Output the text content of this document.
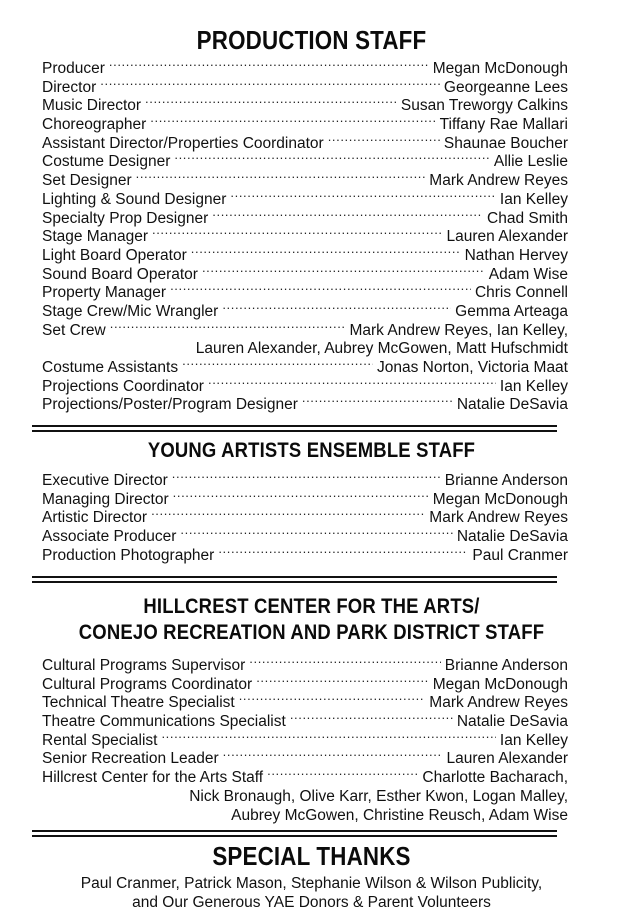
PRODUCTION STAFF
Producer .....	Megan McDonough
Director .....	Georgeanne Lees
Music Director .....	Susan Treworgy Calkins
Choreographer .....	Tiffany Rae Mallari
Assistant Director/Properties Coordinator .....	Shaunae Boucher
Costume Designer .....	Allie Leslie
Set Designer .....	Mark Andrew Reyes
Lighting & Sound Designer .....	Ian Kelley
Specialty Prop Designer .....	Chad Smith
Stage Manager .....	Lauren Alexander
Light Board Operator .....	Nathan Hervey
Sound Board Operator .....	Adam Wise
Property Manager .....	Chris Connell
Stage Crew/Mic Wrangler .....	Gemma Arteaga
Set Crew .....	Mark Andrew Reyes, Ian Kelley,
Lauren Alexander, Aubrey McGowen, Matt Hufschmidt
Costume Assistants .....	Jonas Norton, Victoria Maat
Projections Coordinator .....	Ian Kelley
Projections/Poster/Program Designer .....	Natalie DeSavia
YOUNG ARTISTS ENSEMBLE STAFF
Executive Director .....	Brianne Anderson
Managing Director .....	Megan McDonough
Artistic Director .....	Mark Andrew Reyes
Associate Producer .....	Natalie DeSavia
Production Photographer .....	Paul Cranmer
HILLCREST CENTER FOR THE ARTS/
CONEJO RECREATION AND PARK DISTRICT STAFF
Cultural Programs Supervisor .....	Brianne Anderson
Cultural Programs Coordinator .....	Megan McDonough
Technical Theatre Specialist .....	Mark Andrew Reyes
Theatre Communications Specialist .....	Natalie DeSavia
Rental Specialist .....	Ian Kelley
Senior Recreation Leader .....	Lauren Alexander
Hillcrest Center for the Arts Staff .....	Charlotte Bacharach,
Nick Bronaugh, Olive Karr, Esther Kwon, Logan Malley,
Aubrey McGowen, Christine Reusch, Adam Wise
SPECIAL THANKS
Paul Cranmer, Patrick Mason, Stephanie Wilson & Wilson Publicity,
and Our Generous YAE Donors & Parent Volunteers
